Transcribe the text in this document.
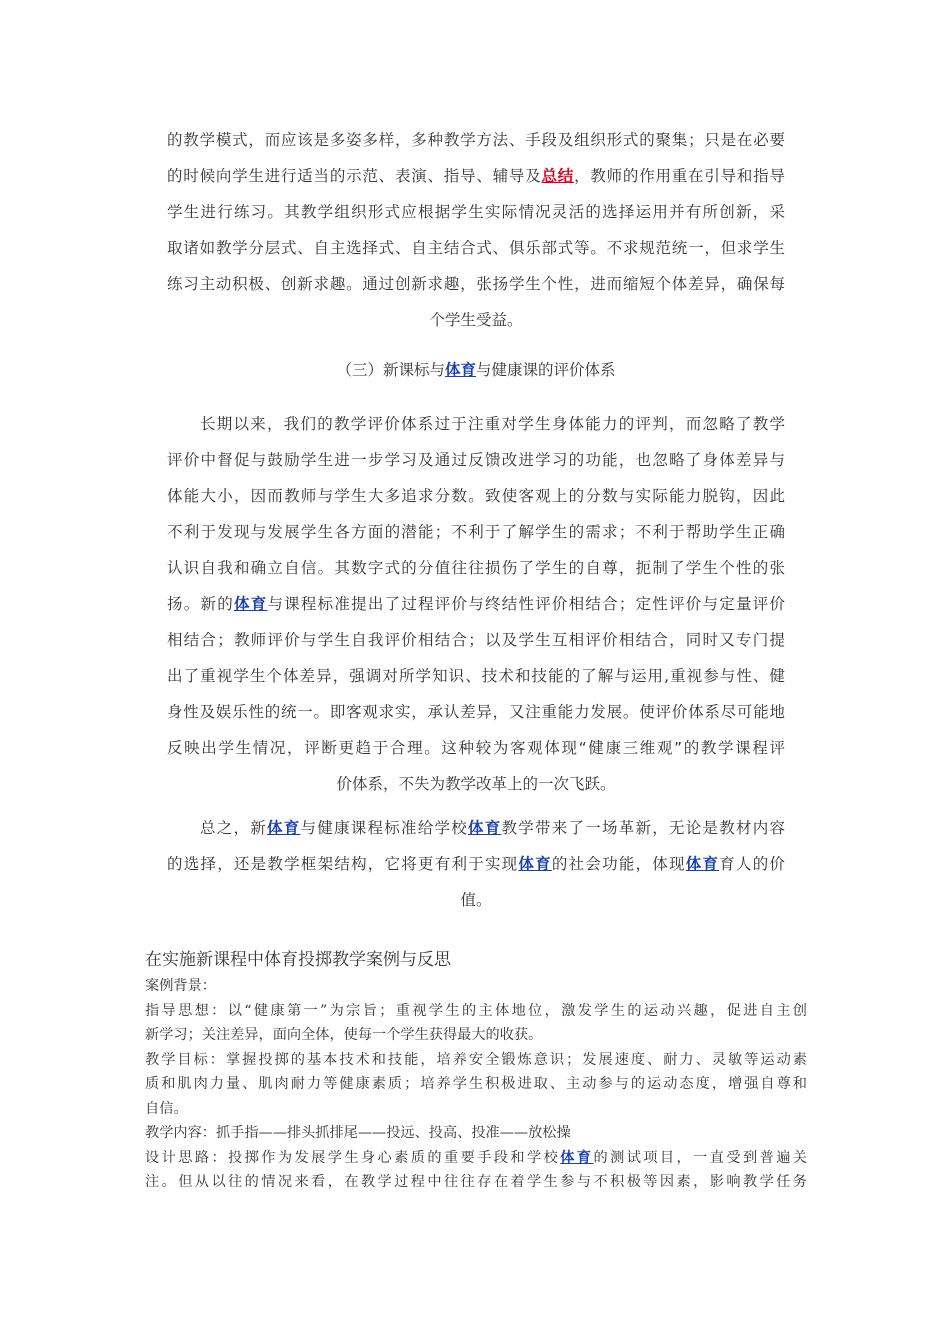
的教学模式，而应该是多姿多样，多种教学方法、手段及组织形式的聚集；只是在必要
的时候向学生进行适当的示范、表演、指导、辅导及总结，教师的作用重在引导和指导
学生进行练习。其教学组织形式应根据学生实际情况灵活的选择运用并有所创新，采
取诸如教学分层式、自主选择式、自主结合式、俱乐部式等。不求规范统一，但求学生
练习主动积极、创新求趣。通过创新求趣，张扬学生个性，进而缩短个体差异，确保每
个学生受益。
（三）新课标与体育与健康课的评价体系
长期以来，我们的教学评价体系过于注重对学生身体能力的评判，而忽略了教学
评价中督促与鼓励学生进一步学习及通过反馈改进学习的功能，也忽略了身体差异与
体能大小，因而教师与学生大多追求分数。致使客观上的分数与实际能力脱钩，因此
不利于发现与发展学生各方面的潜能；不利于了解学生的需求；不利于帮助学生正确
认识自我和确立自信。其数字式的分值往往损伤了学生的自尊，扼制了学生个性的张
扬。新的体育与课程标准提出了过程评价与终结性评价相结合；定性评价与定量评价
相结合；教师评价与学生自我评价相结合；以及学生互相评价相结合，同时又专门提
出了重视学生个体差异，强调对所学知识、技术和技能的了解与运用,重视参与性、健
身性及娱乐性的统一。即客观求实，承认差异，又注重能力发展。使评价体系尽可能地
反映出学生情况，评断更趋于合理。这种较为客观体现“健康三维观”的教学课程评
价体系，不失为教学改革上的一次飞跃。
总之，新体育与健康课程标准给学校体育教学带来了一场革新，无论是教材内容
的选择，还是教学框架结构，它将更有利于实现体育的社会功能，体现体育育人的价
值。
在实施新课程中体育投掷教学案例与反思
案例背景：
指导思想：以“健康第一”为宗旨；重视学生的主体地位，激发学生的运动兴趣，促进自主创
新学习；关注差异，面向全体，使每一个学生获得最大的收获。
教学目标：掌握投掷的基本技术和技能，培养安全锻炼意识；发展速度、耐力、灵敏等运动素
质和肌肉力量、肌肉耐力等健康素质；培养学生积极进取、主动参与的运动态度，增强自尊和
自信。
教学内容：抓手指——排头抓排尾——投远、投高、投准——放松操
设计思路：投掷作为发展学生身心素质的重要手段和学校体育的测试项目，一直受到普遍关
注。但从以往的情况来看，在教学过程中往往存在着学生参与不积极等因素，影响教学任务
